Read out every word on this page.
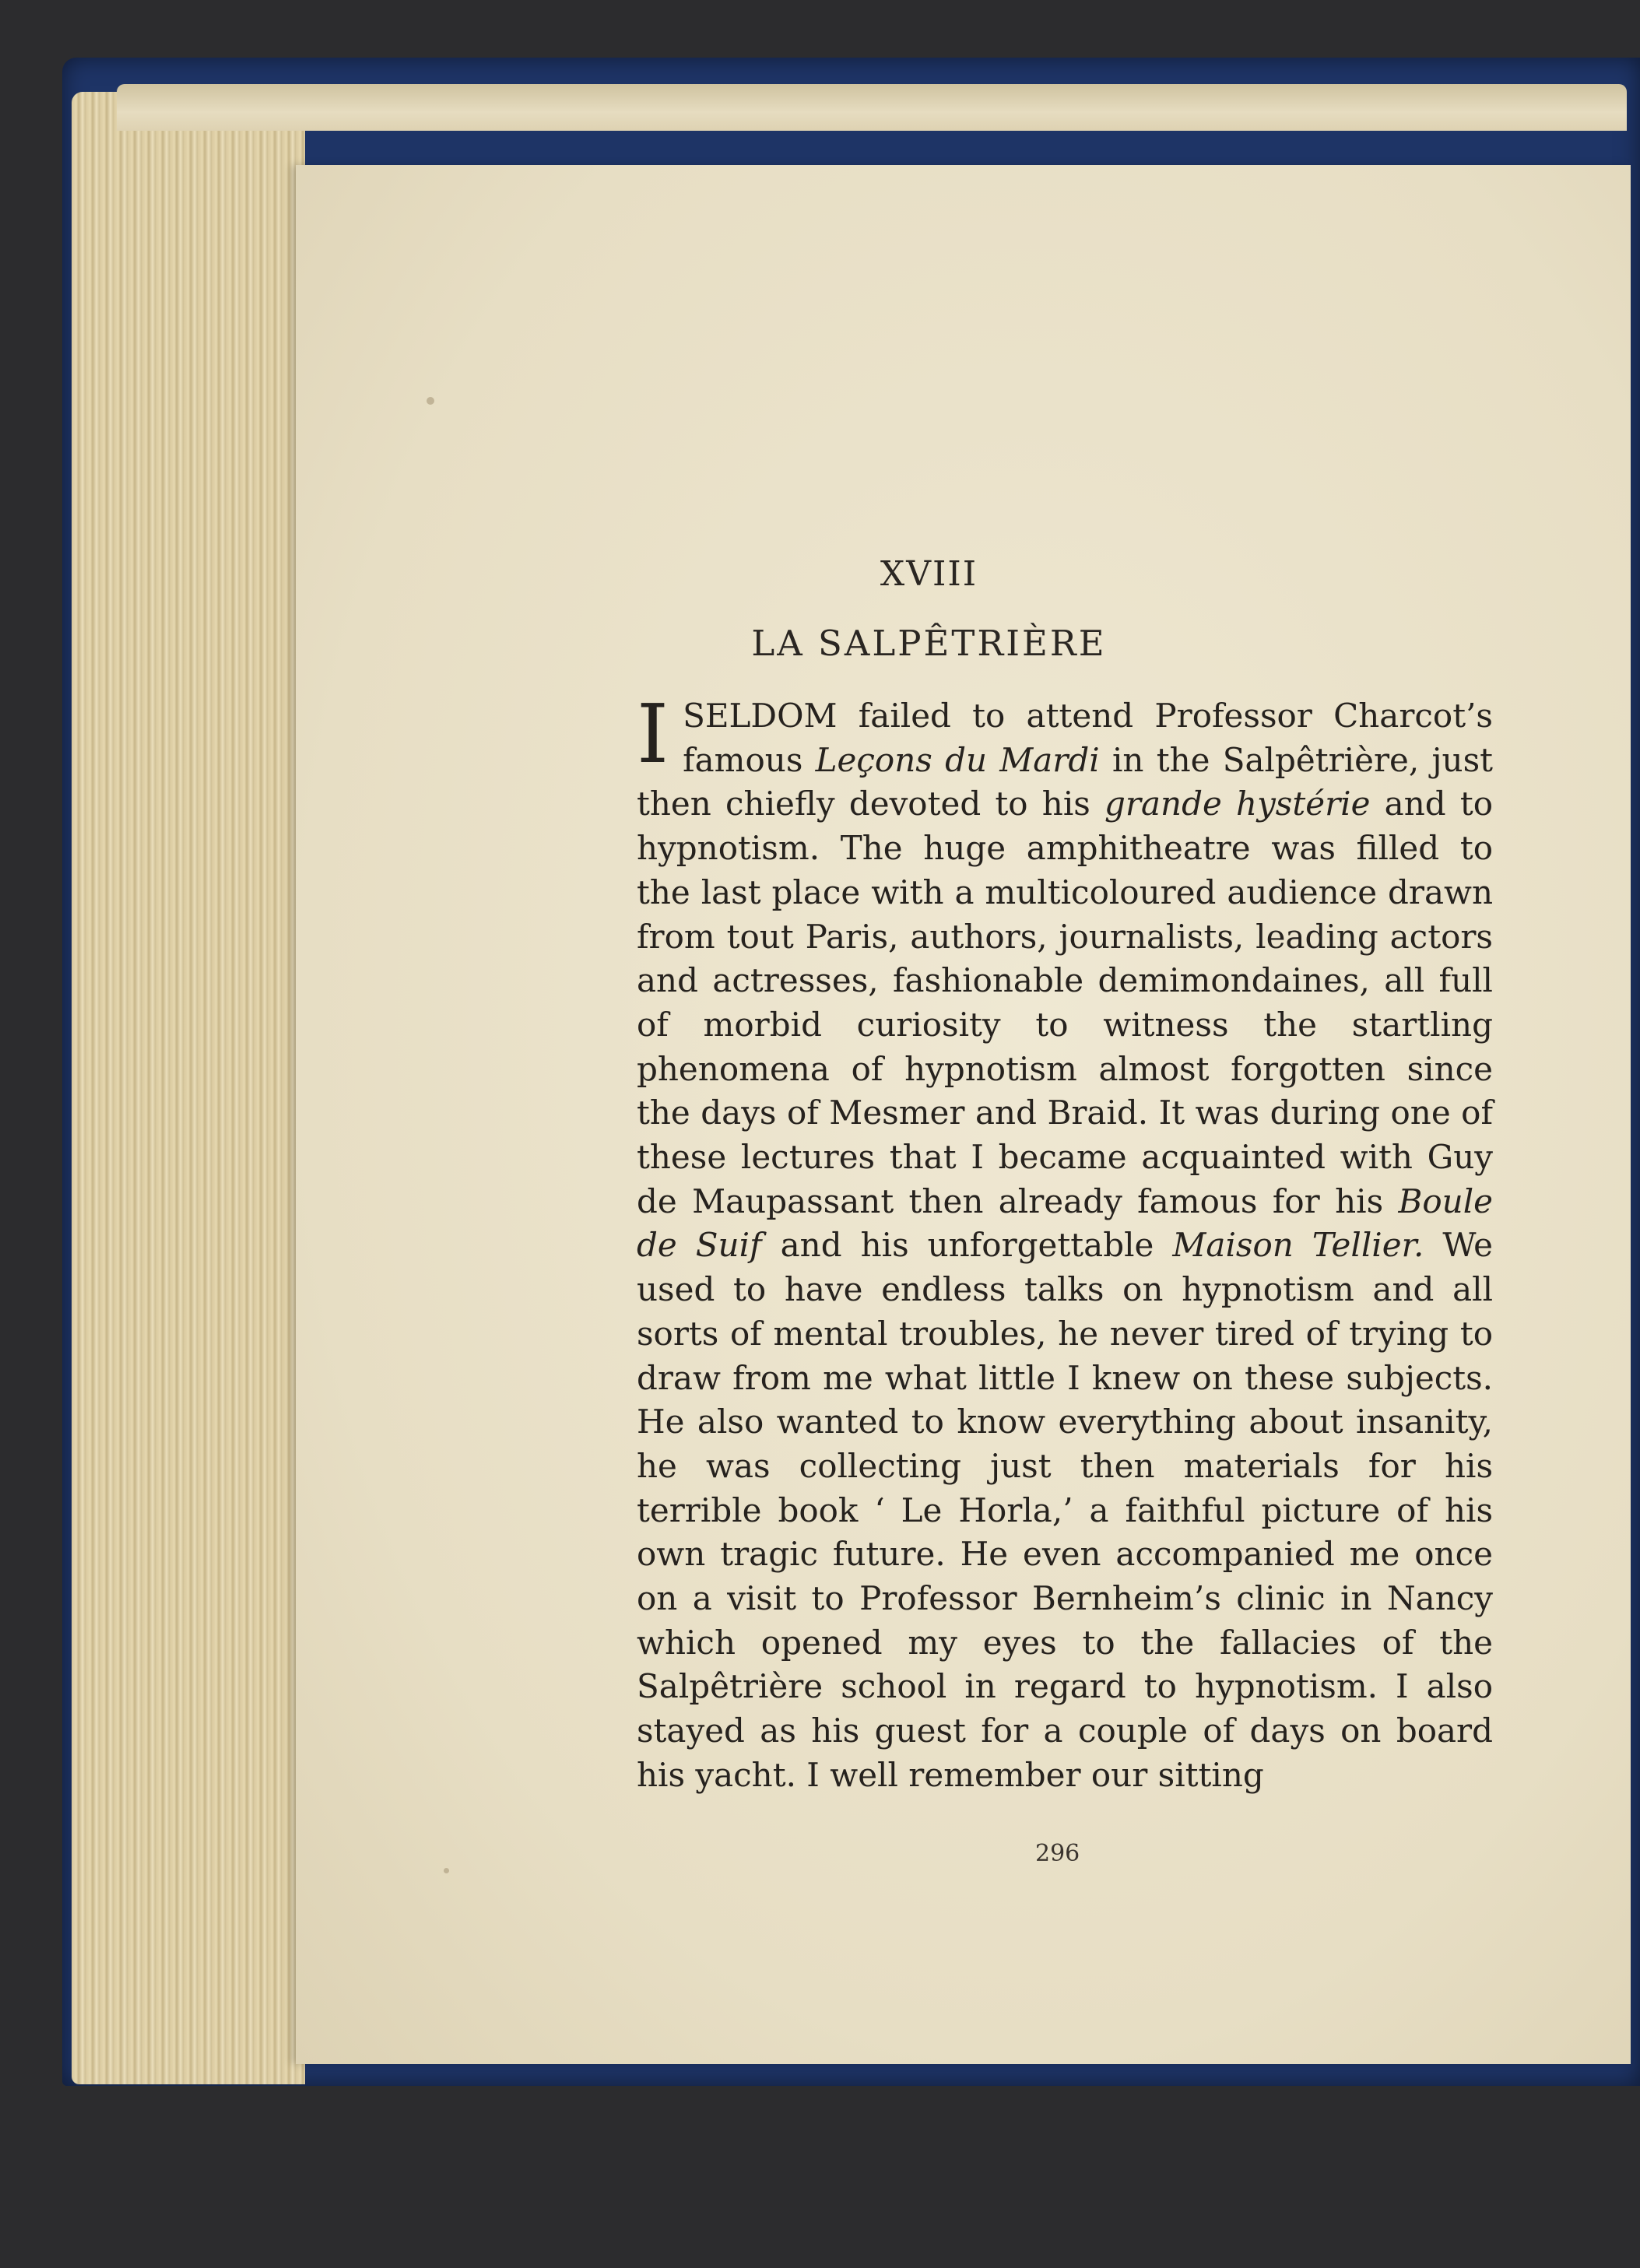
XVIII
LA SALPÊTRIÈRE
I SELDOM failed to attend Professor Charcot’s famous Leçons du Mardi in the Salpêtrière, just then chiefly devoted to his grande hystérie and to hypnotism. The huge amphitheatre was filled to the last place with a multicoloured audience drawn from tout Paris, authors, journalists, leading actors and actresses, fashionable demimondaines, all full of morbid curiosity to witness the startling phenomena of hypnotism almost forgotten since the days of Mesmer and Braid. It was during one of these lectures that I became acquainted with Guy de Maupassant then already famous for his Boule de Suif and his unforgettable Maison Tellier. We used to have endless talks on hypnotism and all sorts of mental troubles, he never tired of trying to draw from me what little I knew on these subjects. He also wanted to know everything about insanity, he was collecting just then materials for his terrible book ‘ Le Horla,’ a faithful picture of his own tragic future. He even accompanied me once on a visit to Professor Bernheim’s clinic in Nancy which opened my eyes to the fallacies of the Salpêtrière school in regard to hypnotism. I also stayed as his guest for a couple of days on board his yacht. I well remember our sitting
296
